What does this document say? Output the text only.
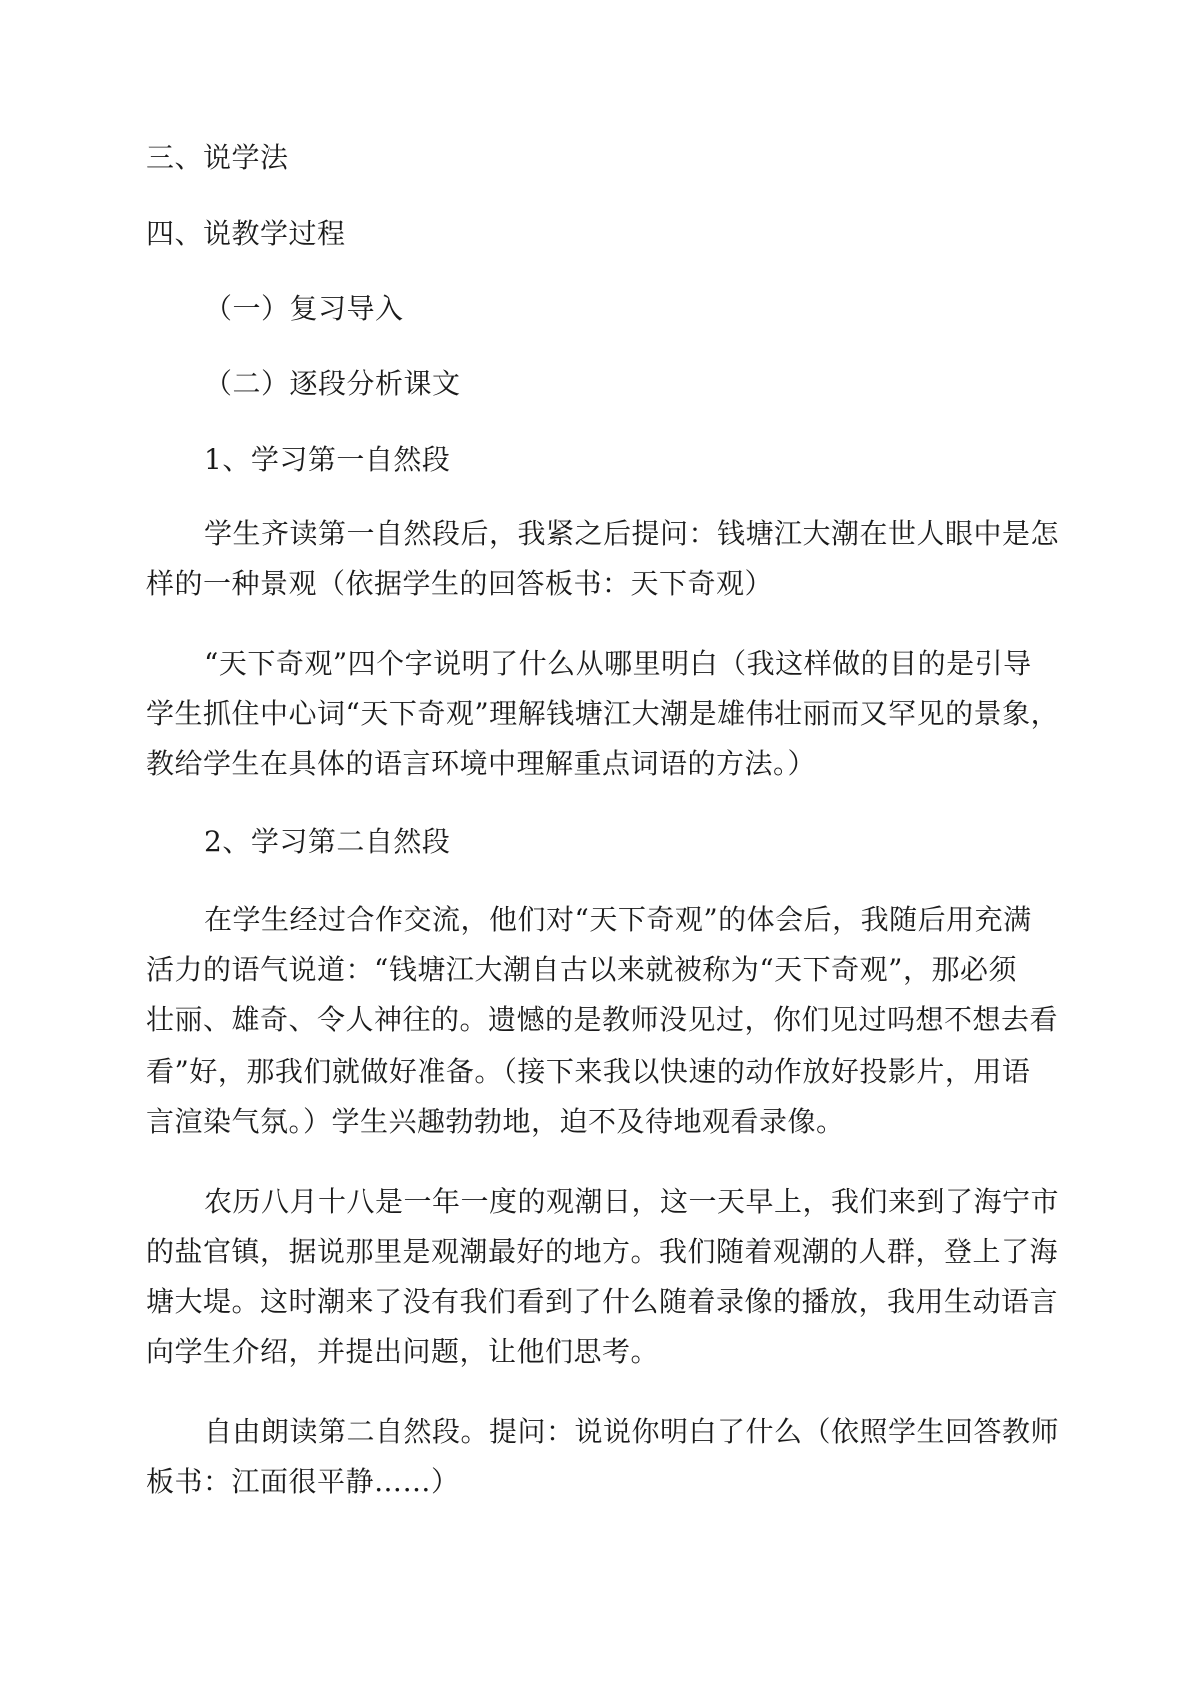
三、说学法

四、说教学过程

（一）复习导入

（二）逐段分析课文

1、学习第一自然段

学生齐读第一自然段后，我紧之后提问：钱塘江大潮在世人眼中是怎

样的一种景观（依据学生的回答板书：天下奇观）

“天下奇观”四个字说明了什么从哪里明白（我这样做的目的是引导

学生抓住中心词“天下奇观”理解钱塘江大潮是雄伟壮丽而又罕见的景象，

教给学生在具体的语言环境中理解重点词语的方法。）

2、学习第二自然段

在学生经过合作交流，他们对“天下奇观”的体会后，我随后用充满

活力的语气说道：“钱塘江大潮自古以来就被称为“天下奇观”，那必须

壮丽、雄奇、令人神往的。遗憾的是教师没见过，你们见过吗想不想去看

看”好，那我们就做好准备。（接下来我以快速的动作放好投影片，用语

言渲染气氛。）学生兴趣勃勃地，迫不及待地观看录像。

农历八月十八是一年一度的观潮日，这一天早上，我们来到了海宁市

的盐官镇，据说那里是观潮最好的地方。我们随着观潮的人群，登上了海

塘大堤。这时潮来了没有我们看到了什么随着录像的播放，我用生动语言

向学生介绍，并提出问题，让他们思考。

自由朗读第二自然段。提问：说说你明白了什么（依照学生回答教师

板书：江面很平静……）
